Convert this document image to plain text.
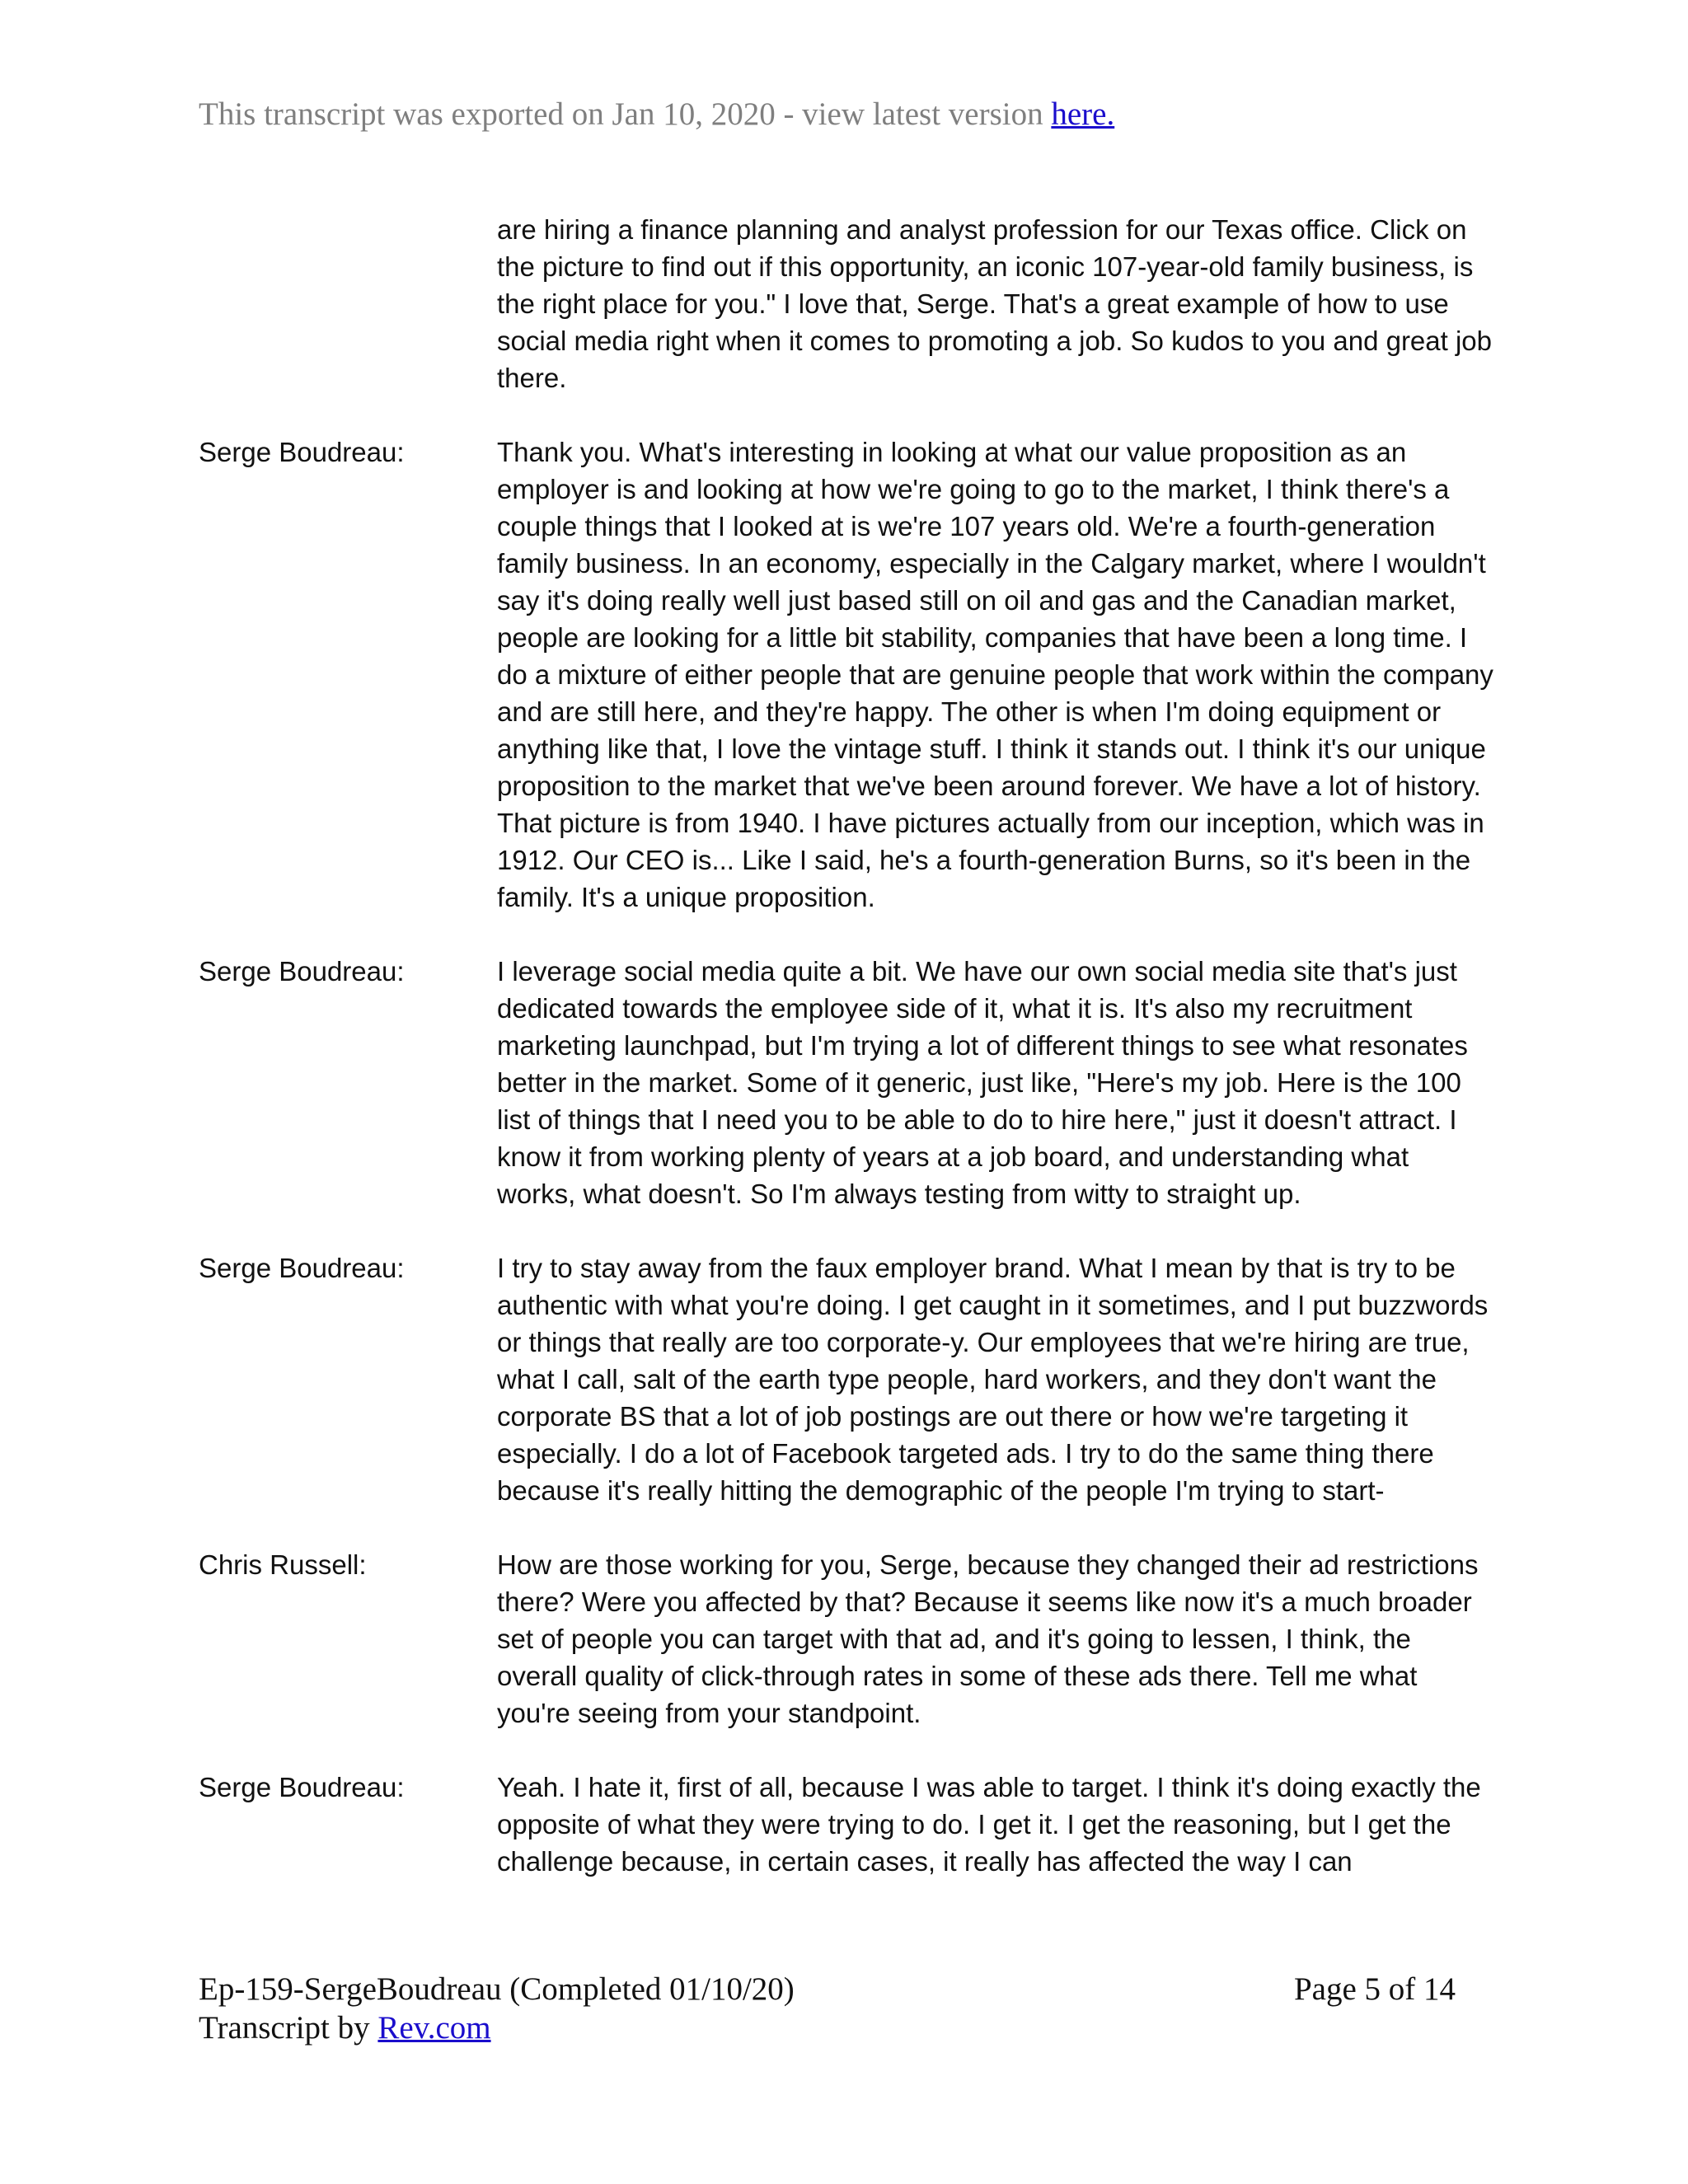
This transcript was exported on Jan 10, 2020 - view latest version here.
are hiring a finance planning and analyst profession for our Texas office. Click on the picture to find out if this opportunity, an iconic 107-year-old family business, is the right place for you." I love that, Serge. That's a great example of how to use social media right when it comes to promoting a job. So kudos to you and great job there.
Serge Boudreau:	Thank you. What's interesting in looking at what our value proposition as an employer is and looking at how we're going to go to the market, I think there's a couple things that I looked at is we're 107 years old. We're a fourth-generation family business. In an economy, especially in the Calgary market, where I wouldn't say it's doing really well just based still on oil and gas and the Canadian market, people are looking for a little bit stability, companies that have been a long time. I do a mixture of either people that are genuine people that work within the company and are still here, and they're happy. The other is when I'm doing equipment or anything like that, I love the vintage stuff. I think it stands out. I think it's our unique proposition to the market that we've been around forever. We have a lot of history. That picture is from 1940. I have pictures actually from our inception, which was in 1912. Our CEO is... Like I said, he's a fourth-generation Burns, so it's been in the family. It's a unique proposition.
Serge Boudreau:	I leverage social media quite a bit. We have our own social media site that's just dedicated towards the employee side of it, what it is. It's also my recruitment marketing launchpad, but I'm trying a lot of different things to see what resonates better in the market. Some of it generic, just like, "Here's my job. Here is the 100 list of things that I need you to be able to do to hire here," just it doesn't attract. I know it from working plenty of years at a job board, and understanding what works, what doesn't. So I'm always testing from witty to straight up.
Serge Boudreau:	I try to stay away from the faux employer brand. What I mean by that is try to be authentic with what you're doing. I get caught in it sometimes, and I put buzzwords or things that really are too corporate-y. Our employees that we're hiring are true, what I call, salt of the earth type people, hard workers, and they don't want the corporate BS that a lot of job postings are out there or how we're targeting it especially. I do a lot of Facebook targeted ads. I try to do the same thing there because it's really hitting the demographic of the people I'm trying to start-
Chris Russell:	How are those working for you, Serge, because they changed their ad restrictions there? Were you affected by that? Because it seems like now it's a much broader set of people you can target with that ad, and it's going to lessen, I think, the overall quality of click-through rates in some of these ads there. Tell me what you're seeing from your standpoint.
Serge Boudreau:	Yeah. I hate it, first of all, because I was able to target. I think it's doing exactly the opposite of what they were trying to do. I get it. I get the reasoning, but I get the challenge because, in certain cases, it really has affected the way I can
Ep-159-SergeBoudreau (Completed 01/10/20)	Page 5 of 14
Transcript by Rev.com
